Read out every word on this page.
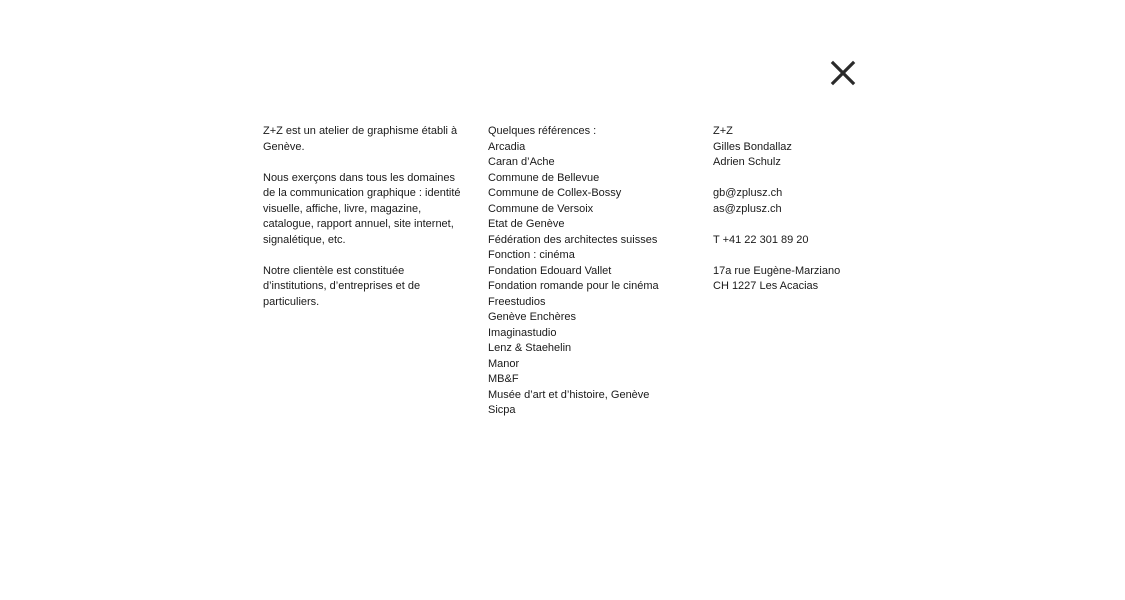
Z+Z est un atelier de graphisme établi à Genève.

Nous exerçons dans tous les domaines de la communication graphique : identité visuelle, affiche, livre, magazine, catalogue, rapport annuel, site internet, signalétique, etc.

Notre clientèle est constituée d’institutions, d’entreprises et de particuliers.

Quelques références :
Arcadia
Caran d’Ache
Commune de Bellevue
Commune de Collex-Bossy
Commune de Versoix
Etat de Genève
Fédération des architectes suisses
Fonction : cinéma
Fondation Edouard Vallet
Fondation romande pour le cinéma
Freestudios
Genève Enchères
Imaginastudio
Lenz & Staehelin
Manor
MB&F
Musée d’art et d’histoire, Genève
Sicpa
Z+Z
Gilles Bondallaz
Adrien Schulz
gb@zplusz.ch
as@zplusz.ch
T +41 22 301 89 20
17a rue Eugène-Marziano
CH 1227 Les Acacias
